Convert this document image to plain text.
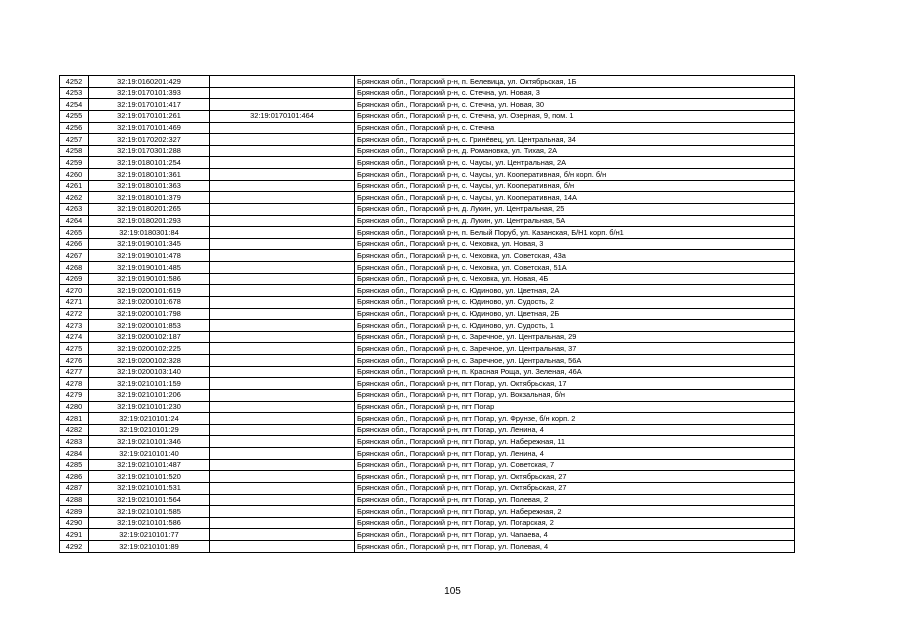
4252	32:19:0160201:429		Брянская обл., Погарский р-н, п. Белевица, ул. Октябрьская, 1Б
4253	32:19:0170101:393		Брянская обл., Погарский р-н, с. Стечна, ул. Новая, 3
4254	32:19:0170101:417		Брянская обл., Погарский р-н, с. Стечна, ул. Новая, 30
4255	32:19:0170101:261	32:19:0170101:464	Брянская обл., Погарский р-н, с. Стечна, ул. Озерная, 9, пом. 1
4256	32:19:0170101:469		Брянская обл., Погарский р-н, с. Стечна
4257	32:19:0170202:327		Брянская обл., Погарский р-н, с. Гринёвец, ул. Центральная, 34
4258	32:19:0170301:288		Брянская обл., Погарский р-н, д. Романовка, ул. Тихая, 2А
4259	32:19:0180101:254		Брянская обл., Погарский р-н, с. Чаусы, ул. Центральная, 2А
4260	32:19:0180101:361		Брянская обл., Погарский р-н, с. Чаусы, ул. Кооперативная, б/н корп. б/н
4261	32:19:0180101:363		Брянская обл., Погарский р-н, с. Чаусы, ул. Кооперативная, б/н
4262	32:19:0180101:379		Брянская обл., Погарский р-н, с. Чаусы, ул. Кооперативная, 14А
4263	32:19:0180201:265		Брянская обл., Погарский р-н, д. Лукин, ул. Центральная, 25
4264	32:19:0180201:293		Брянская обл., Погарский р-н, д. Лукин, ул. Центральная, 5А
4265	32:19:0180301:84		Брянская обл., Погарский р-н, п. Белый Поруб, ул. Казанская, Б/Н1 корп. б/н1
4266	32:19:0190101:345		Брянская обл., Погарский р-н, с. Чеховка, ул. Новая, 3
4267	32:19:0190101:478		Брянская обл., Погарский р-н, с. Чеховка, ул. Советская, 43а
4268	32:19:0190101:485		Брянская обл., Погарский р-н, с. Чеховка, ул. Советская, 51А
4269	32:19:0190101:586		Брянская обл., Погарский р-н, с. Чеховка, ул. Новая, 4Б
4270	32:19:0200101:619		Брянская обл., Погарский р-н, с. Юдиново, ул. Цветная, 2А
4271	32:19:0200101:678		Брянская обл., Погарский р-н, с. Юдиново, ул. Судость, 2
4272	32:19:0200101:798		Брянская обл., Погарский р-н, с. Юдиново, ул. Цветная, 2Б
4273	32:19:0200101:853		Брянская обл., Погарский р-н, с. Юдиново, ул. Судость, 1
4274	32:19:0200102:187		Брянская обл., Погарский р-н, с. Заречное, ул. Центральная, 29
4275	32:19:0200102:225		Брянская обл., Погарский р-н, с. Заречное, ул. Центральная, 37
4276	32:19:0200102:328		Брянская обл., Погарский р-н, с. Заречное, ул. Центральная, 56А
4277	32:19:0200103:140		Брянская обл., Погарский р-н, п. Красная Роща, ул. Зеленая, 46А
4278	32:19:0210101:159		Брянская обл., Погарский р-н, пгт Погар, ул. Октябрьская, 17
4279	32:19:0210101:206		Брянская обл., Погарский р-н, пгт Погар, ул. Вокзальная, б/н
4280	32:19:0210101:230		Брянская обл., Погарский р-н, пгт Погар
4281	32:19:0210101:24		Брянская обл., Погарский р-н, пгт Погар, ул. Фрунзе, б/н корп. 2
4282	32:19:0210101:29		Брянская обл., Погарский р-н, пгт Погар, ул. Ленина, 4
4283	32:19:0210101:346		Брянская обл., Погарский р-н, пгт Погар, ул. Набережная, 11
4284	32:19:0210101:40		Брянская обл., Погарский р-н, пгт Погар, ул. Ленина, 4
4285	32:19:0210101:487		Брянская обл., Погарский р-н, пгт Погар, ул. Советская, 7
4286	32:19:0210101:520		Брянская обл., Погарский р-н, пгт Погар, ул. Октябрьская, 27
4287	32:19:0210101:531		Брянская обл., Погарский р-н, пгт Погар, ул. Октябрьская, 27
4288	32:19:0210101:564		Брянская обл., Погарский р-н, пгт Погар, ул. Полевая, 2
4289	32:19:0210101:585		Брянская обл., Погарский р-н, пгт Погар, ул. Набережная, 2
4290	32:19:0210101:586		Брянская обл., Погарский р-н, пгт Погар, ул. Погарская, 2
4291	32:19:0210101:77		Брянская обл., Погарский р-н, пгт Погар, ул. Чапаева, 4
4292	32:19:0210101:89		Брянская обл., Погарский р-н, пгт Погар, ул. Полевая, 4
105
